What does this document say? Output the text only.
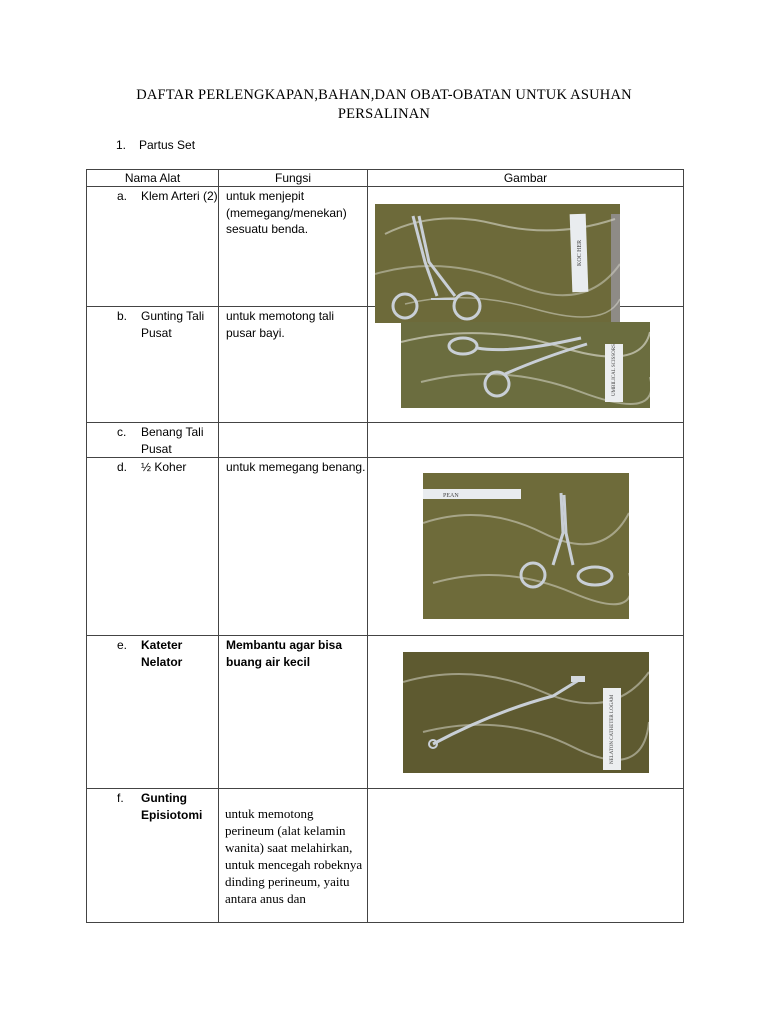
DAFTAR PERLENGKAPAN,BAHAN,DAN OBAT-OBATAN UNTUK ASUHAN
PERSALINAN
1. Partus Set
Nama Alat	Fungsi	Gambar

a. Klem Arteri (2)	untuk menjepit (memegang/menekan) sesuatu benda.	KOC HER

b. Gunting Tali Pusat	untuk memotong tali pusar bayi.	UMBILICAL SCISSORS

c. Benang Tali Pusat		

d. ½ Koher	untuk memegang benang.	PEAN

e. Kateter Nelator	Membantu agar bisa buang air kecil	NELATON CATHETER LOGAM

f. Gunting Episiotomi	untuk memotong perineum (alat kelamin wanita) saat melahirkan, untuk mencegah robeknya dinding perineum, yaitu antara anus dan	
